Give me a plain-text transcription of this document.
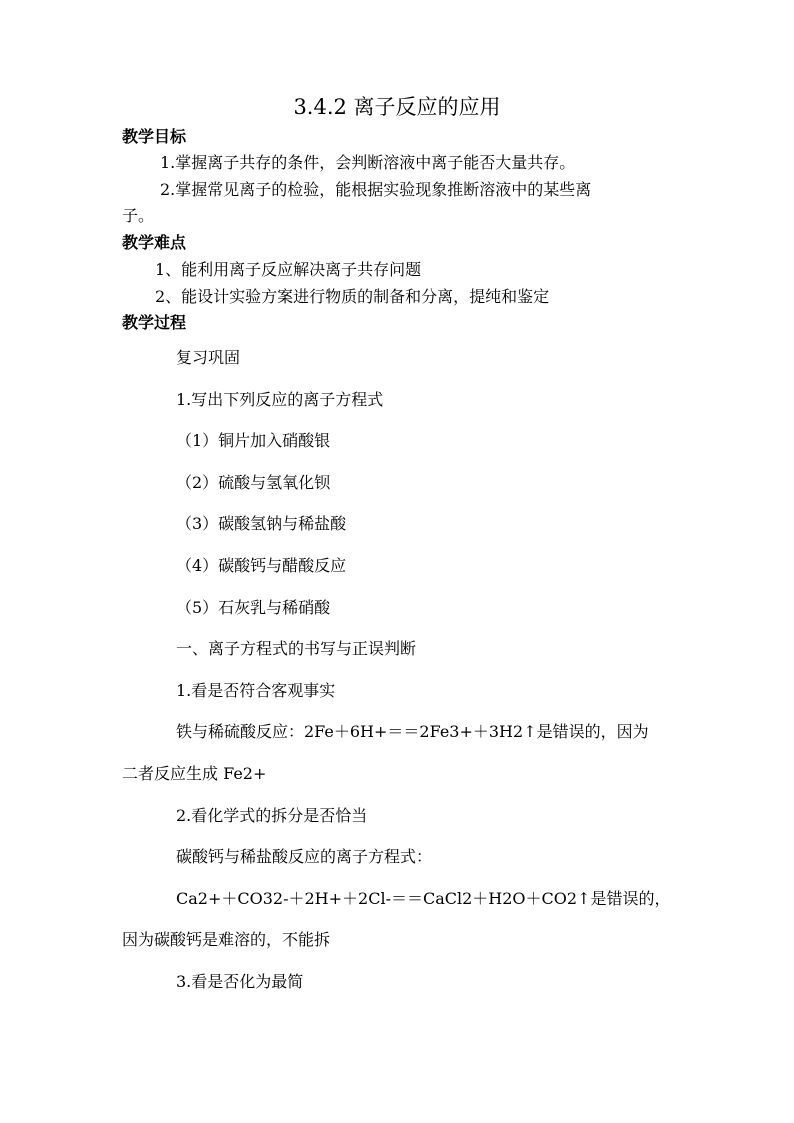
3.4.2 离子反应的应用
教学目标
1.掌握离子共存的条件，会判断溶液中离子能否大量共存。
2.掌握常见离子的检验，能根据实验现象推断溶液中的某些离
子。
教学难点
1、能利用离子反应解决离子共存问题
2、能设计实验方案进行物质的制备和分离，提纯和鉴定
教学过程
复习巩固
1.写出下列反应的离子方程式
（1）铜片加入硝酸银
（2）硫酸与氢氧化钡
（3）碳酸氢钠与稀盐酸
（4）碳酸钙与醋酸反应
（5）石灰乳与稀硝酸
一、离子方程式的书写与正误判断
1.看是否符合客观事实
铁与稀硫酸反应：2Fe＋6H+＝＝2Fe3+＋3H2↑是错误的，因为
二者反应生成 Fe2+
2.看化学式的拆分是否恰当
碳酸钙与稀盐酸反应的离子方程式：
Ca2+＋CO32-＋2H+＋2Cl-＝＝CaCl2＋H2O＋CO2↑是错误的，
因为碳酸钙是难溶的，不能拆
3.看是否化为最简
